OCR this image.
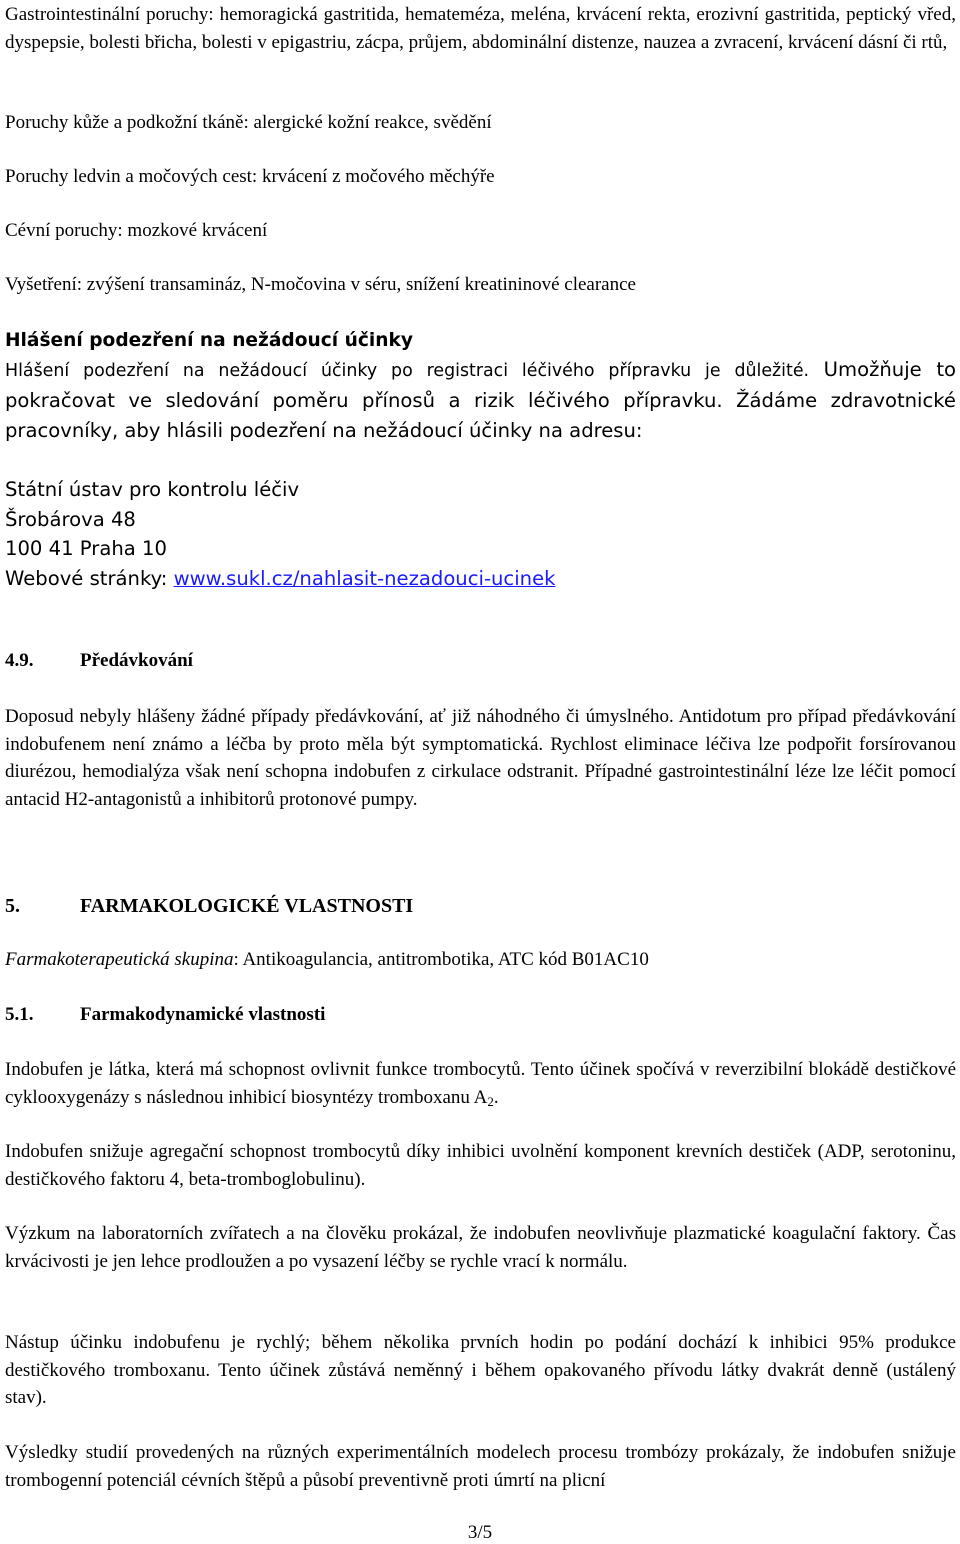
Gastrointestinální poruchy: hemoragická gastritida, hemateméza, meléna, krvácení rekta, erozivní gastritida, peptický vřed, dyspepsie, bolesti břicha, bolesti v epigastriu, zácpa, průjem, abdominální distenze, nauzea a zvracení, krvácení dásní či rtů,

Poruchy kůže a podkožní tkáně: alergické kožní reakce, svědění

Poruchy ledvin a močových cest: krvácení z močového měchýře

Cévní poruchy: mozkové krvácení

Vyšetření: zvýšení transamináz, N-močovina v séru, snížení kreatininové clearance

Hlášení podezření na nežádoucí účinky

Hlášení podezření na nežádoucí účinky po registraci léčivého přípravku je důležité. Umožňuje to pokračovat ve sledování poměru přínosů a rizik léčivého přípravku. Žádáme zdravotnické pracovníky, aby hlásili podezření na nežádoucí účinky na adresu:

Státní ústav pro kontrolu léčiv
Šrobárova 48
100 41 Praha 10
Webové stránky: www.sukl.cz/nahlasit-nezadouci-ucinek
4.9. Předávkování

Doposud nebyly hlášeny žádné případy předávkování, ať již náhodného či úmyslného. Antidotum pro případ předávkování indobufenem není známo a léčba by proto měla být symptomatická. Rychlost eliminace léčiva lze podpořit forsírovanou diurézou, hemodialýza však není schopna indobufen z cirkulace odstranit. Případné gastrointestinální léze lze léčit pomocí antacid H2-antagonistů a inhibitorů protonové pumpy.

5.	FARMAKOLOGICKÉ VLASTNOSTI

Farmakoterapeutická skupina: Antikoagulancia, antitrombotika, ATC kód B01AC10

5.1. Farmakodynamické vlastnosti

Indobufen je látka, která má schopnost ovlivnit funkce trombocytů. Tento účinek spočívá v reverzibilní blokádě destičkové cyklooxygenázy s následnou inhibicí biosyntézy tromboxanu $A_2$.

Indobufen snižuje agregační schopnost trombocytů díky inhibici uvolnění komponent krevních destiček (ADP, serotoninu, destičkového faktoru 4, beta-tromboglobulinu).

Výzkum na laboratorních zvířatech a na člověku prokázal, že indobufen neovlivňuje plazmatické koagulační faktory. Čas krvácivosti je jen lehce prodloužen a po vysazení léčby se rychle vrací k normálu.

Nástup účinku indobufenu je rychlý; během několika prvních hodin po podání dochází k inhibici 95% produkce destičkového tromboxanu. Tento účinek zůstává neměnný i během opakovaného přívodu látky dvakrát denně (ustálený stav).

Výsledky studií provedených na různých experimentálních modelech procesu trombózy prokázaly, že indobufen snižuje trombogenní potenciál cévních štěpů a působí preventivně proti úmrtí na plicní

3/5
